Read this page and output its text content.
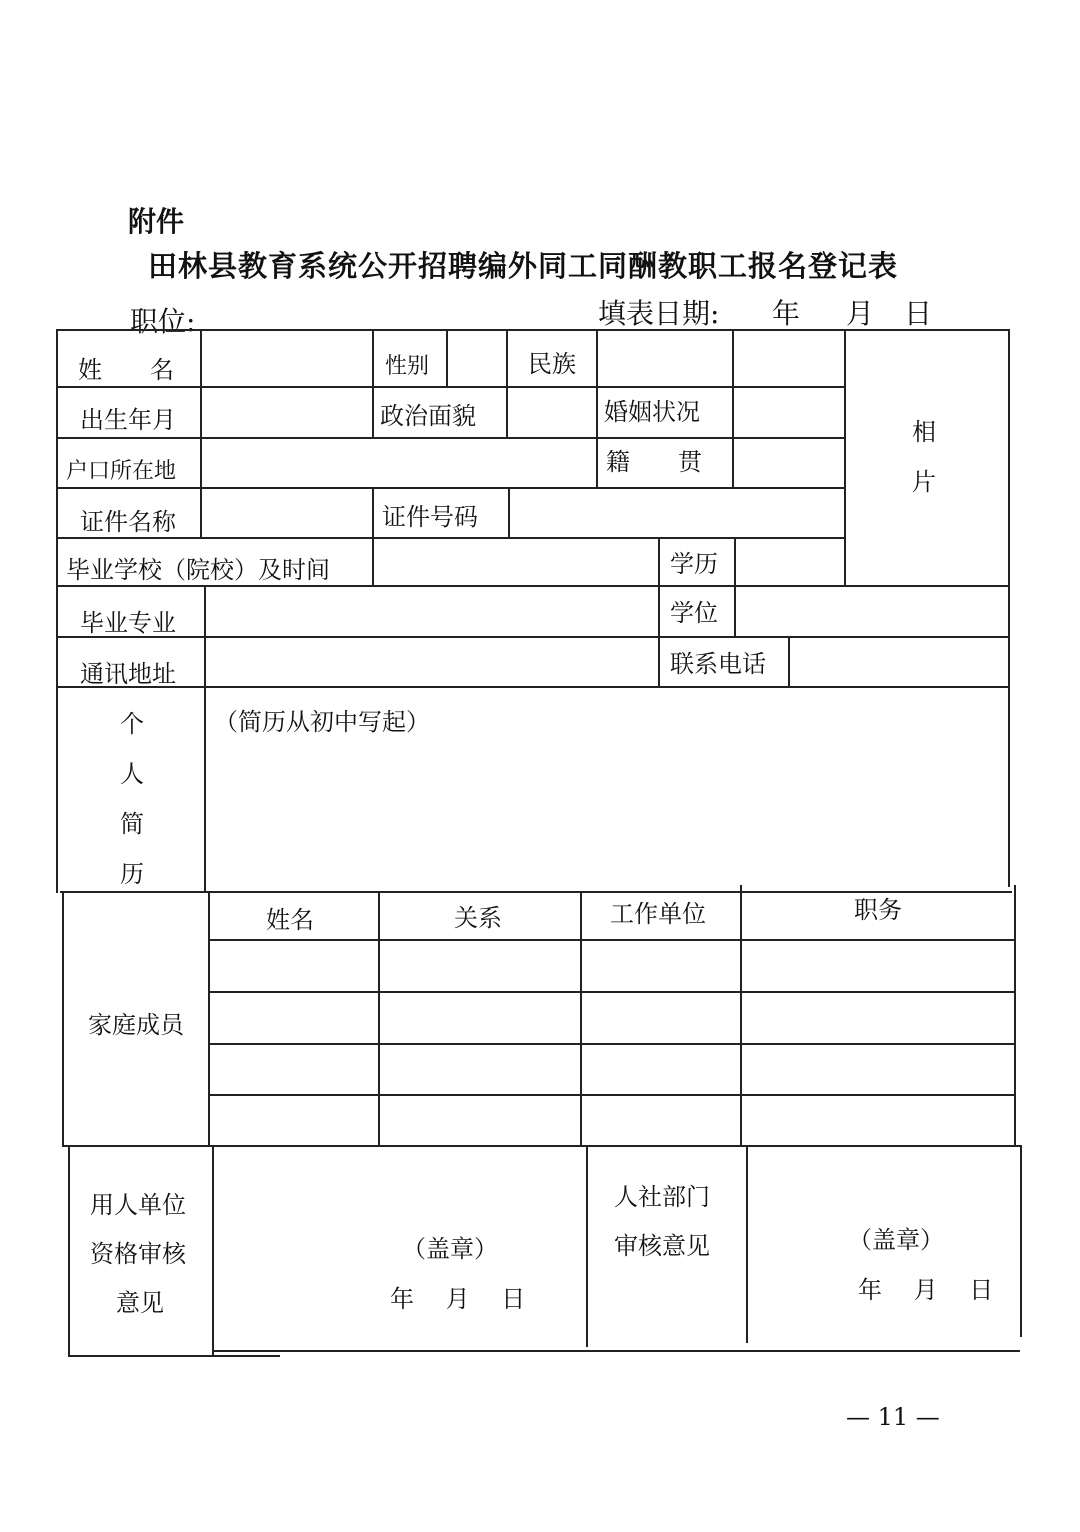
附件
田林县教育系统公开招聘编外同工同酬教职工报名登记表
职位:	填表日期: 年 月 日
姓　　名	性别	民族
相
片
出生年月	政治面貌	婚姻状况
户口所在地	籍　　贯
证件名称	证件号码
毕业学校（院校）及时间	学历
毕业专业	学位
通讯地址	联系电话
个
人
简
历
（简历从初中写起）
家庭成员
姓名	关系	工作单位	职务
用人单位
资格审核
意见
（盖章）
年　 月　 日
人社部门
审核意见	（盖章）
年　 月　 日
— 11 —
